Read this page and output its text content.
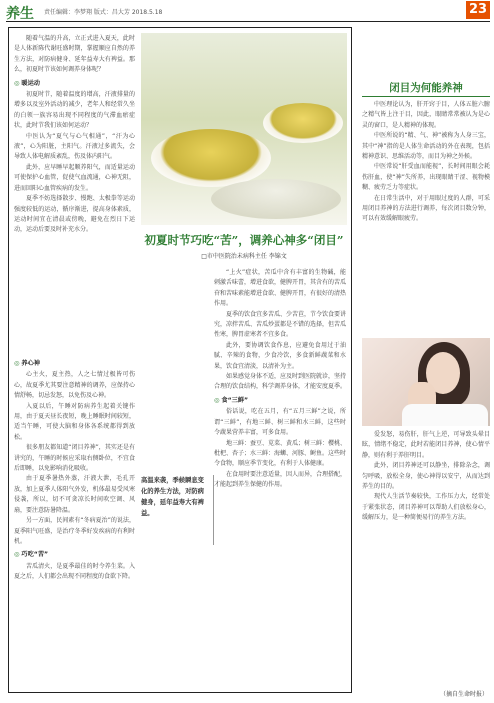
养生 责任编辑：李梦翔 版式：昌大芳 2018.5.18	23
初夏时节巧吃“苦”，调养心神多“闭目”
□市中医院治未病科主任 李锦文

随着气温的升高，立正式进入夏天，此时是人体新陈代谢旺盛时期，掌握顺应自然的养生方法，对防病健身、延年益寿大有裨益。那么，初夏时节该如何调养身体呢？

◎ 暖运动

初夏时节，随着温度的增高，汗液排量的增多以及室外活动的减少，老年人和经常久坐的白领一族容易出现不同程度的气滞血瘀症状，此时节我们该如何运动？

中医认为“夏气与心气相通”，“汗为心液”，心为阳脏，主阳气。汗液过多流失，会导致人体电解质紊乱，伤及体内阳气。

此外，应早睡早起顺养阳气，而适量运动可使保护心血管，促使气血流通，心神无阻，进而回阳心血管疾病的发生。

夏季不妨选择散步、慢跑、太极拳等运动强度较低的运动，循序渐进，提高身体素质，运动时间宜在清晨或傍晚，避免在烈日下运动，运动后要及时补充水分。

◎ 养心神

心主火，夏主热，人之七情过极皆可伤心，故夏季尤其要注意精神的调养，应保持心情舒畅，切忌发怒，以免伤及心神。

入夏以后，午睡对防病养生起着关键作用，由于夏天昼长夜短，晚上睡眠时间较短，适当午睡，可使大脑和身体各系统都得到放松。

很多朋友都知道“闭目养神”，其实还是有讲究的，午睡的时候应采取右侧卧位，不宜食后即睡，以免影响消化吸收。

由于夏季暑热外蒸，汗液大泄，毛孔开放，加上夏季人体阳气外发，机体最易受风寒侵袭，所以，切不可贪凉长时间吹空调、风扇，要注意防暑降温。

另一方面，民间素有“冬病夏治”的说法，夏季阳气旺盛，是治疗冬季好发疾病的有利时机。

◎ 巧吃“苦”

苦瓜清火，是夏季最佳的时令养生菜。入夏之后，人们都会出现不同程度的食欲下降。

“上火”症状，苦瓜中含有丰富的生物碱，能刺激舌味蕾，增进食欲，健脾开胃，其含有的苦瓜苷和苦味素能增进食欲、健脾开胃，有很好的清热作用。

夏季的饮食宜多苦瓜、少苦苣，节令饮食要讲究，凉拌苦瓜、苦瓜炒蛋都是不错的选择，但苦瓜性寒，脾胃虚寒者不宜多食。

此外，要协调饮食作息，应避免食用过于油腻、辛辣的食物，少食冷饮，多食新鲜蔬菜和水果，饮食宜清淡，以清补为主。

如果感觉身体不适，应及时到医院就诊，坚持合理的饮食结构，科学调养身体，才能安度夏季。

◎ 食“三鲜”

俗话说，吃在五月，有“五月三鲜”之说，所谓“三鲜”，有地三鲜、树三鲜和水三鲜，这些时令蔬果营养丰富，可多食用。

地三鲜：蚕豆、苋菜、黄瓜；树三鲜：樱桃、枇杷、杏子；水三鲜：海蛳、河豚、鲥鱼。这些时令食物，顺应季节变化，有利于人体健康。

在食用时要注意适量，因人而异，合理搭配，才能起到养生保健的作用。

高温来袭，季候瞬息变化的养生方法，对防病健身，延年益寿大有裨益。
闭目为何能养神

中医理论认为，肝开窍于目，人体五脏六腑之精气皆上注于目，因此，眼睛常常被认为是心灵的窗口，是人精神的体现。

中医所说的“精、气、神”被称为人身三宝，其中“神”指的是人体生命活动的外在表现，包括精神意识、思维活动等，而目为神之外候。

中医常说“肝受血而能视”，长时间用眼会耗伤肝血，使“神”失所养，出现眼睛干涩、视物模糊、疲劳乏力等症状。

在日常生活中，对于用眼过度的人群，可采用闭目养神的方法进行调养，每次闭目数分钟，可以有效缓解眼疲劳。

爱发怒，易伤肝，肝气上逆，可导致头晕目眩，情绪不稳定，此时若能闭目养神，使心情平静，则有利于养肝明目。

此外，闭目养神还可以静坐，排除杂念，调匀呼吸，放松全身，使心神得以安宁，从而达到养生的目的。

现代人生活节奏较快，工作压力大，经常处于紧张状态，闭目养神可以帮助人们放松身心，缓解压力，是一种简便易行的养生方法。

（摘自生命时报）
